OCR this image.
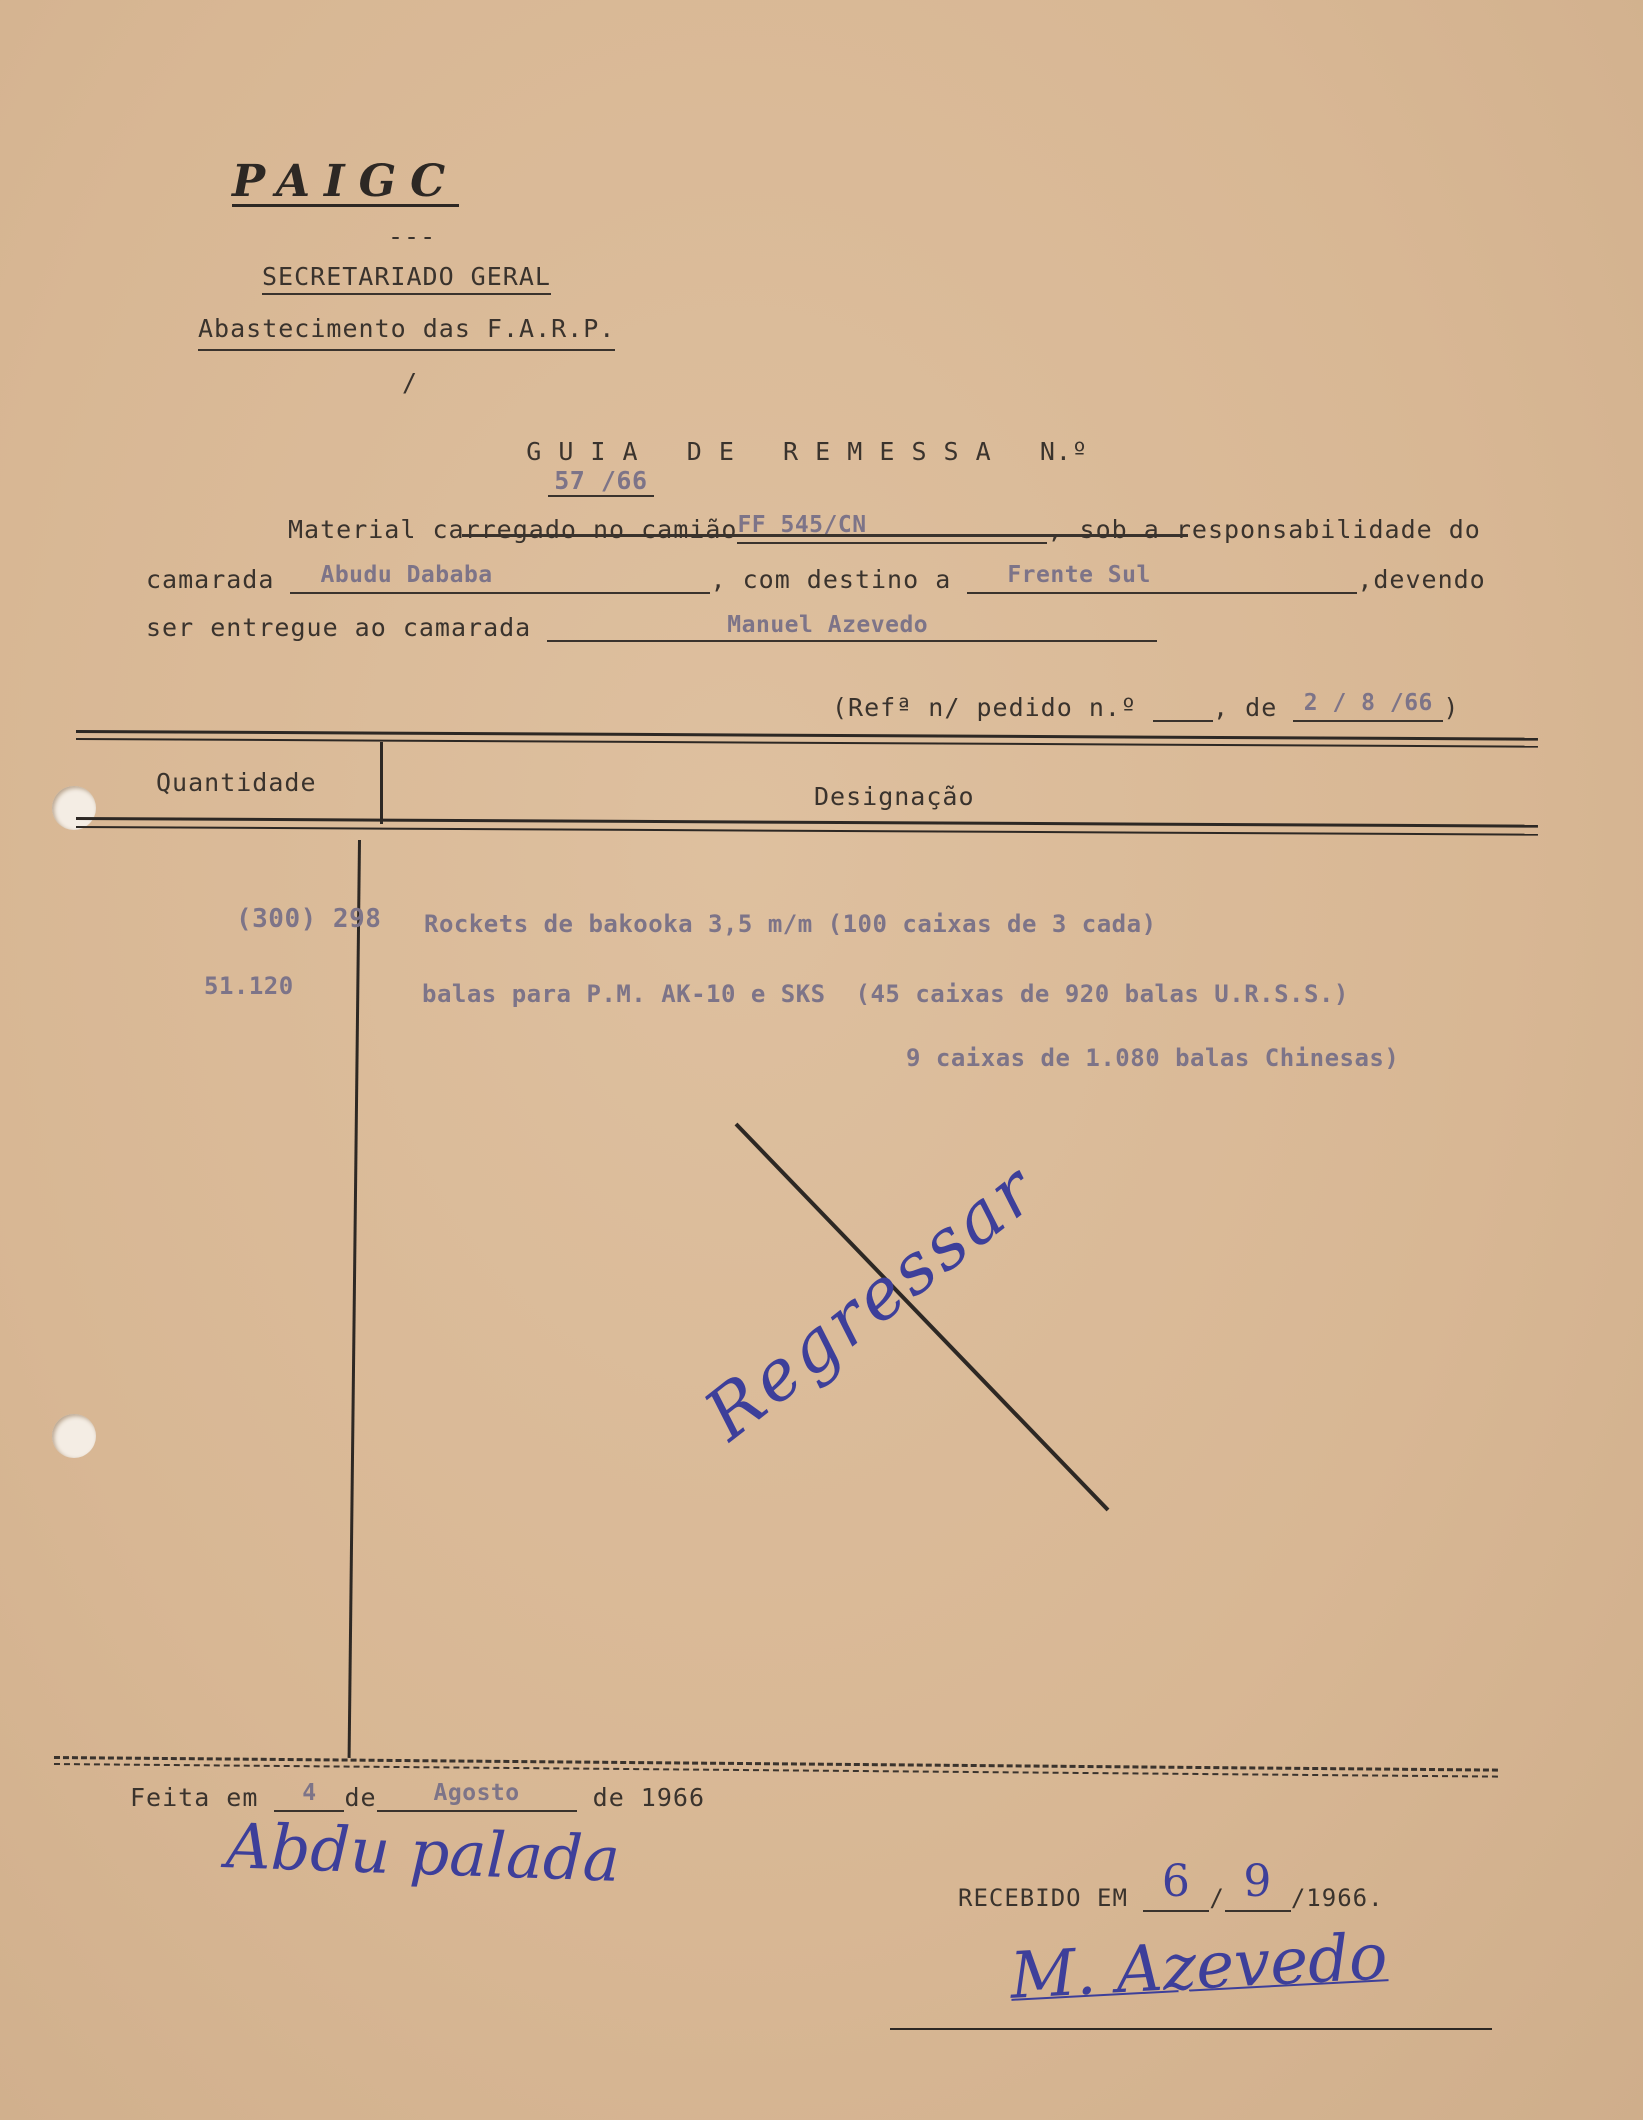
PAIGC
---
SECRETARIADO GERAL
Abastecimento das F.A.R.P.
/

G U I A   D E   R E M E S S A   N.º
57 /66

Material carregado no camiãoFF 545/CN	, sob a responsabilidade do
camarada Abudu Dababa	, com destino a Frente Sul	,devendo
ser entregue ao camarada	Manuel Azevedo
(Refª n/ pedido n.º	, de 2 / 8 /66 )
Quantidade	Designação
(300) 298 Rockets de bakooka 3,5 m/m (100 caixas de 3 cada)
51.120	balas para P.M. AK-10 e SKS  (45 caixas de 920 balas U.R.S.S.)
9 caixas de 1.080 balas Chinesas)
Regressar
Feita em 4 de Agosto	de 1966
Abdu palada
RECEBIDO EM 6 / 9 /1966.
M. Azevedo
